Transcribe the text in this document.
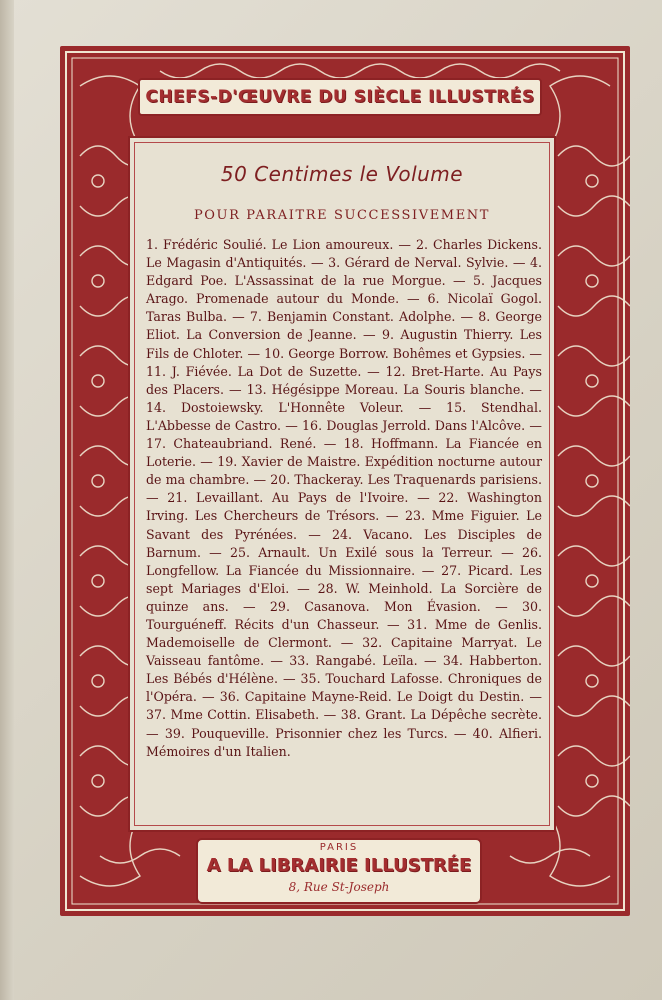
CHEFS-D'ŒUVRE DU SIÈCLE ILLUSTRÉS
50 Centimes le Volume
POUR PARAITRE SUCCESSIVEMENT
1. Frédéric Soulié. Le Lion amoureux. — 2. Charles Dickens. Le Magasin d'Antiquités. — 3. Gérard de Nerval. Sylvie. — 4. Edgard Poe. L'Assassinat de la rue Morgue. — 5. Jacques Arago. Promenade autour du Monde. — 6. Nicolaï Gogol. Taras Bulba. — 7. Benjamin Constant. Adolphe. — 8. George Eliot. La Conversion de Jeanne. — 9. Augustin Thierry. Les Fils de Chloter. — 10. George Borrow. Bohêmes et Gypsies. — 11. J. Fiévée. La Dot de Suzette. — 12. Bret-Harte. Au Pays des Placers. — 13. Hégésippe Moreau. La Souris blanche. — 14. Dostoiewsky. L'Honnête Voleur. — 15. Stendhal. L'Abbesse de Castro. — 16. Douglas Jerrold. Dans l'Alcôve. — 17. Chateaubriand. René. — 18. Hoffmann. La Fiancée en Loterie. — 19. Xavier de Maistre. Expédition nocturne autour de ma chambre. — 20. Thackeray. Les Traquenards parisiens. — 21. Levaillant. Au Pays de l'Ivoire. — 22. Washington Irving. Les Chercheurs de Trésors. — 23. Mme Figuier. Le Savant des Pyrénées. — 24. Vacano. Les Disciples de Barnum. — 25. Arnault. Un Exilé sous la Terreur. — 26. Longfellow. La Fiancée du Missionnaire. — 27. Picard. Les sept Mariages d'Eloi. — 28. W. Meinhold. La Sorcière de quinze ans. — 29. Casanova. Mon Évasion. — 30. Tourguéneff. Récits d'un Chasseur. — 31. Mme de Genlis. Mademoiselle de Clermont. — 32. Capitaine Marryat. Le Vaisseau fantôme. — 33. Rangabé. Leïla. — 34. Habberton. Les Bébés d'Hélène. — 35. Touchard Lafosse. Chroniques de l'Opéra. — 36. Capitaine Mayne-Reid. Le Doigt du Destin. — 37. Mme Cottin. Elisabeth. — 38. Grant. La Dépêche secrète. — 39. Pouqueville. Prisonnier chez les Turcs. — 40. Alfieri. Mémoires d'un Italien.
PARIS
A LA LIBRAIRIE ILLUSTRÉE
8, Rue St-Joseph
